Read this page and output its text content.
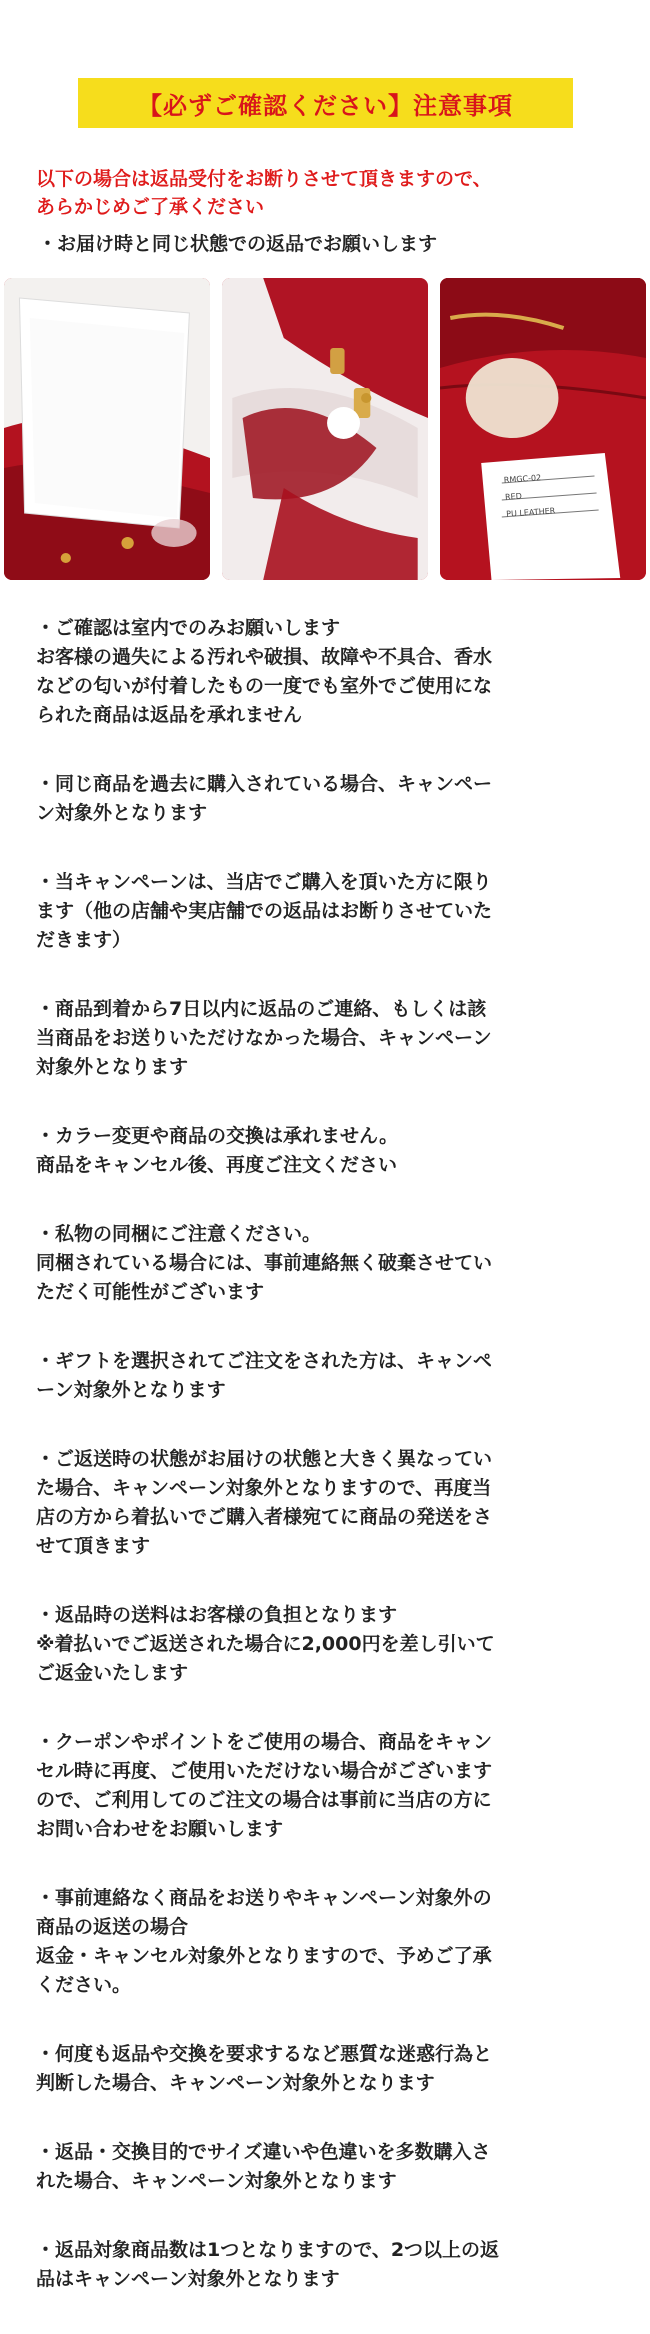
【必ずご確認ください】注意事項
以下の場合は返品受付をお断りさせて頂きますので、
あらかじめご了承ください
・お届け時と同じ状態での返品でお願いします
RMGC-02
RED
PU LEATHER
・ご確認は室内でのみお願いします
お客様の過失による汚れや破損、故障や不具合、香水
などの匂いが付着したもの一度でも室外でご使用にな
られた商品は返品を承れません
・同じ商品を過去に購入されている場合、キャンペー
ン対象外となります
・当キャンペーンは、当店でご購入を頂いた方に限り
ます（他の店舗や実店舗での返品はお断りさせていた
だきます）
・商品到着から7日以内に返品のご連絡、もしくは該
当商品をお送りいただけなかった場合、キャンペーン
対象外となります
・カラー変更や商品の交換は承れません。
商品をキャンセル後、再度ご注文ください
・私物の同梱にご注意ください。
同梱されている場合には、事前連絡無く破棄させてい
ただく可能性がございます
・ギフトを選択されてご注文をされた方は、キャンペ
ーン対象外となります
・ご返送時の状態がお届けの状態と大きく異なってい
た場合、キャンペーン対象外となりますので、再度当
店の方から着払いでご購入者様宛てに商品の発送をさ
せて頂きます
・返品時の送料はお客様の負担となります
※着払いでご返送された場合に2,000円を差し引いて
ご返金いたします
・クーポンやポイントをご使用の場合、商品をキャン
セル時に再度、ご使用いただけない場合がございます
ので、ご利用してのご注文の場合は事前に当店の方に
お問い合わせをお願いします
・事前連絡なく商品をお送りやキャンペーン対象外の
商品の返送の場合
返金・キャンセル対象外となりますので、予めご了承
ください。
・何度も返品や交換を要求するなど悪質な迷惑行為と
判断した場合、キャンペーン対象外となります
・返品・交換目的でサイズ違いや色違いを多数購入さ
れた場合、キャンペーン対象外となります
・返品対象商品数は1つとなりますので、2つ以上の返
品はキャンペーン対象外となります
